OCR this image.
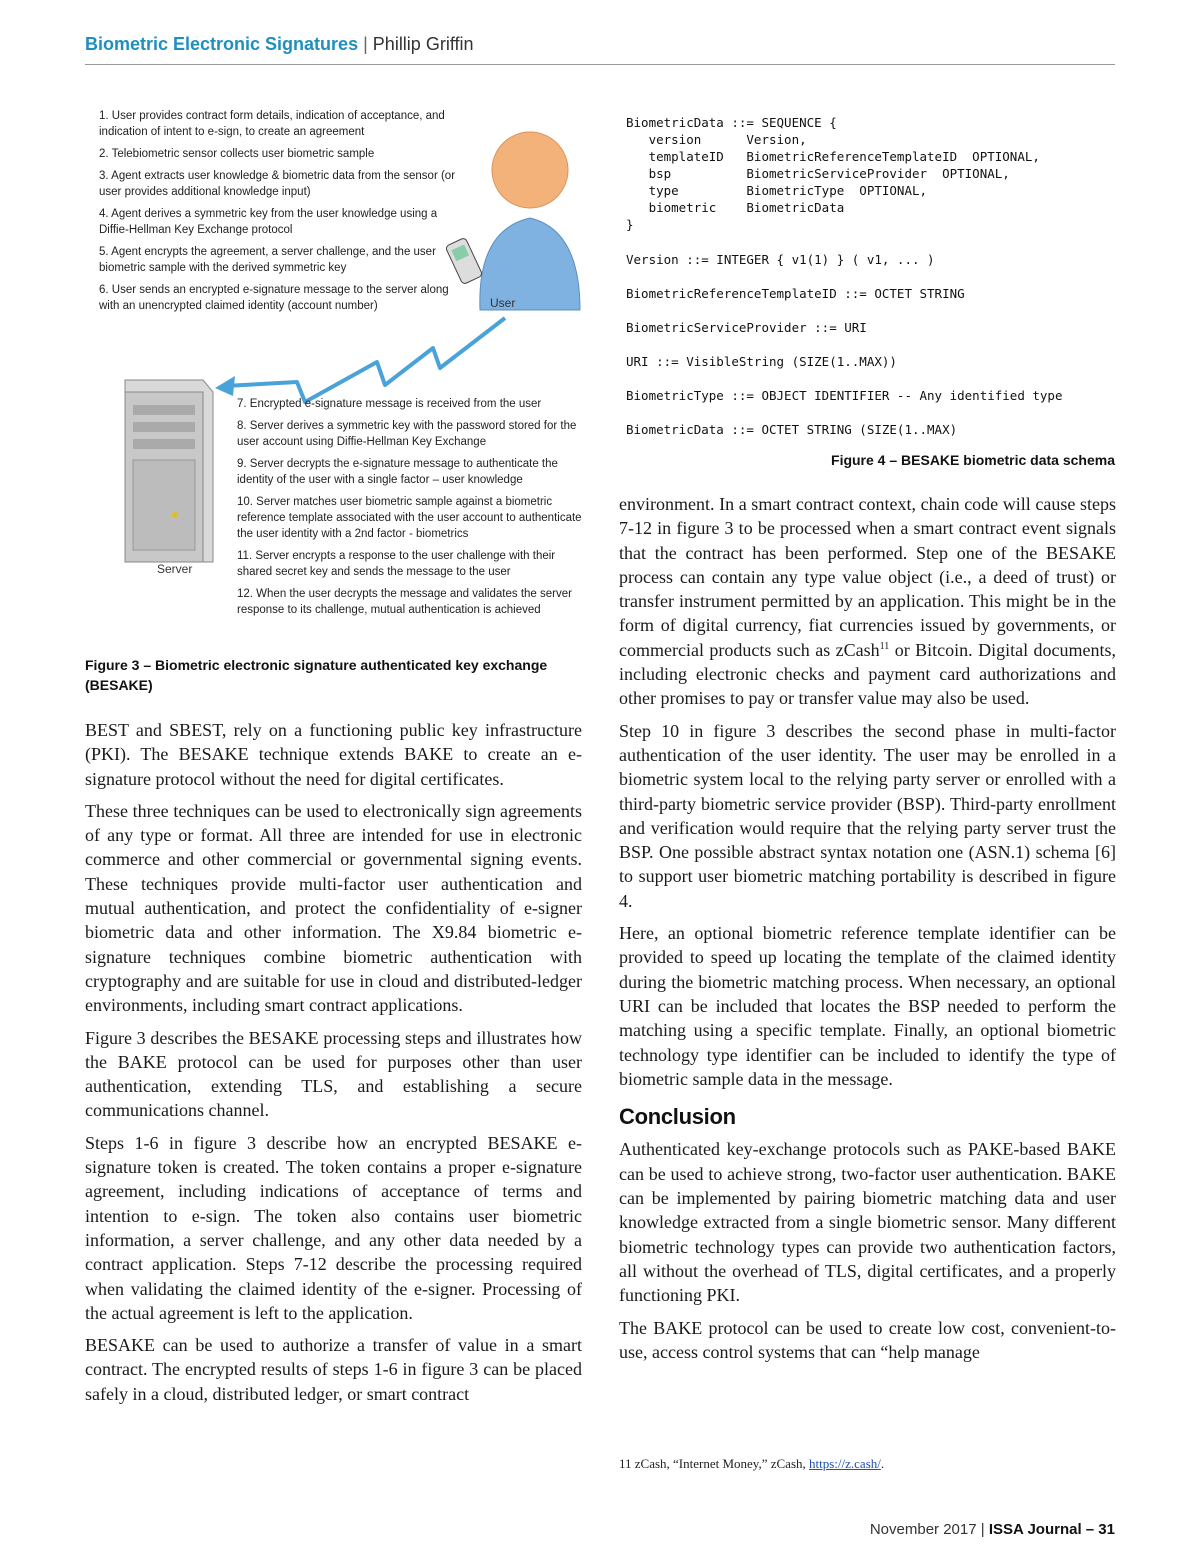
Biometric Electronic Signatures | Phillip Griffin
User
Server
1. User provides contract form details, indication of acceptance, and indication of intent to e-sign, to create an agreement
2. Telebiometric sensor collects user biometric sample
3. Agent extracts user knowledge & biometric data from the sensor (or user provides additional knowledge input)
4. Agent derives a symmetric key from the user knowledge using a Diffie-Hellman Key Exchange protocol
5. Agent encrypts the agreement, a server challenge, and the user biometric sample with the derived symmetric key
6. User sends an encrypted e-signature message to the server along with an unencrypted claimed identity (account number)
7. Encrypted e-signature message is received from the user
8. Server derives a symmetric key with the password stored for the user account using Diffie-Hellman Key Exchange
9. Server decrypts the e-signature message to authenticate the identity of the user with a single factor – user knowledge
10. Server matches user biometric sample against a biometric reference template associated with the user account to authenticate the user identity with a 2nd factor - biometrics
11. Server encrypts a response to the user challenge with their shared secret key and sends the message to the user
12. When the user decrypts the message and validates the server response to its challenge, mutual authentication is achieved
Figure 3 – Biometric electronic signature authenticated key exchange (BESAKE)
BiometricData ::= SEQUENCE {
version      Version,
templateID   BiometricReferenceTemplateID  OPTIONAL,
bsp          BiometricServiceProvider  OPTIONAL,
type         BiometricType  OPTIONAL,
biometric    BiometricData
}
Version ::= INTEGER { v1(1) } ( v1, ... )
BiometricReferenceTemplateID ::= OCTET STRING
BiometricServiceProvider ::= URI
URI ::= VisibleString (SIZE(1..MAX))
BiometricType ::= OBJECT IDENTIFIER -- Any identified type
BiometricData ::= OCTET STRING (SIZE(1..MAX)
Figure 4 – BESAKE biometric data schema

BEST and SBEST, rely on a functioning public key infrastructure (PKI). The BESAKE technique extends BAKE to create an e-signature protocol without the need for digital certificates.

These three techniques can be used to electronically sign agreements of any type or format. All three are intended for use in electronic commerce and other commercial or governmental signing events. These techniques provide multi-factor user authentication and mutual authentication, and protect the confidentiality of e-signer biometric data and other information. The X9.84 biometric e-signature techniques combine biometric authentication with cryptography and are suitable for use in cloud and distributed-ledger environments, including smart contract applications.

Figure 3 describes the BESAKE processing steps and illustrates how the BAKE protocol can be used for purposes other than user authentication, extending TLS, and establishing a secure communications channel.

Steps 1-6 in figure 3 describe how an encrypted BESAKE e-signature token is created. The token contains a proper e-signature agreement, including indications of acceptance of terms and intention to e-sign. The token also contains user biometric information, a server challenge, and any other data needed by a contract application. Steps 7-12 describe the processing required when validating the claimed identity of the e-signer. Processing of the actual agreement is left to the application.

BESAKE can be used to authorize a transfer of value in a smart contract. The encrypted results of steps 1-6 in figure 3 can be placed safely in a cloud, distributed ledger, or smart contract

environment. In a smart contract context, chain code will cause steps 7-12 in figure 3 to be processed when a smart contract event signals that the contract has been performed. Step one of the BESAKE process can contain any type value object (i.e., a deed of trust) or transfer instrument permitted by an application. This might be in the form of digital currency, fiat currencies issued by governments, or commercial products such as zCash$^{11}$ or Bitcoin. Digital documents, including electronic checks and payment card authorizations and other promises to pay or transfer value may also be used.

Step 10 in figure 3 describes the second phase in multi-factor authentication of the user identity. The user may be enrolled in a biometric system local to the relying party server or enrolled with a third-party biometric service provider (BSP). Third-party enrollment and verification would require that the relying party server trust the BSP. One possible abstract syntax notation one (ASN.1) schema [6] to support user biometric matching portability is described in figure 4.

Here, an optional biometric reference template identifier can be provided to speed up locating the template of the claimed identity during the biometric matching process. When necessary, an optional URI can be included that locates the BSP needed to perform the matching using a specific template. Finally, an optional biometric technology type identifier can be included to identify the type of biometric sample data in the message.

Conclusion

Authenticated key-exchange protocols such as PAKE-based BAKE can be used to achieve strong, two-factor user authentication. BAKE can be implemented by pairing biometric matching data and user knowledge extracted from a single biometric sensor. Many different biometric technology types can provide two authentication factors, all without the overhead of TLS, digital certificates, and a properly functioning PKI.

The BAKE protocol can be used to create low cost, convenient-to-use, access control systems that can “help manage

11 zCash, “Internet Money,” zCash, https://z.cash/.
November 2017 | ISSA Journal – 31
